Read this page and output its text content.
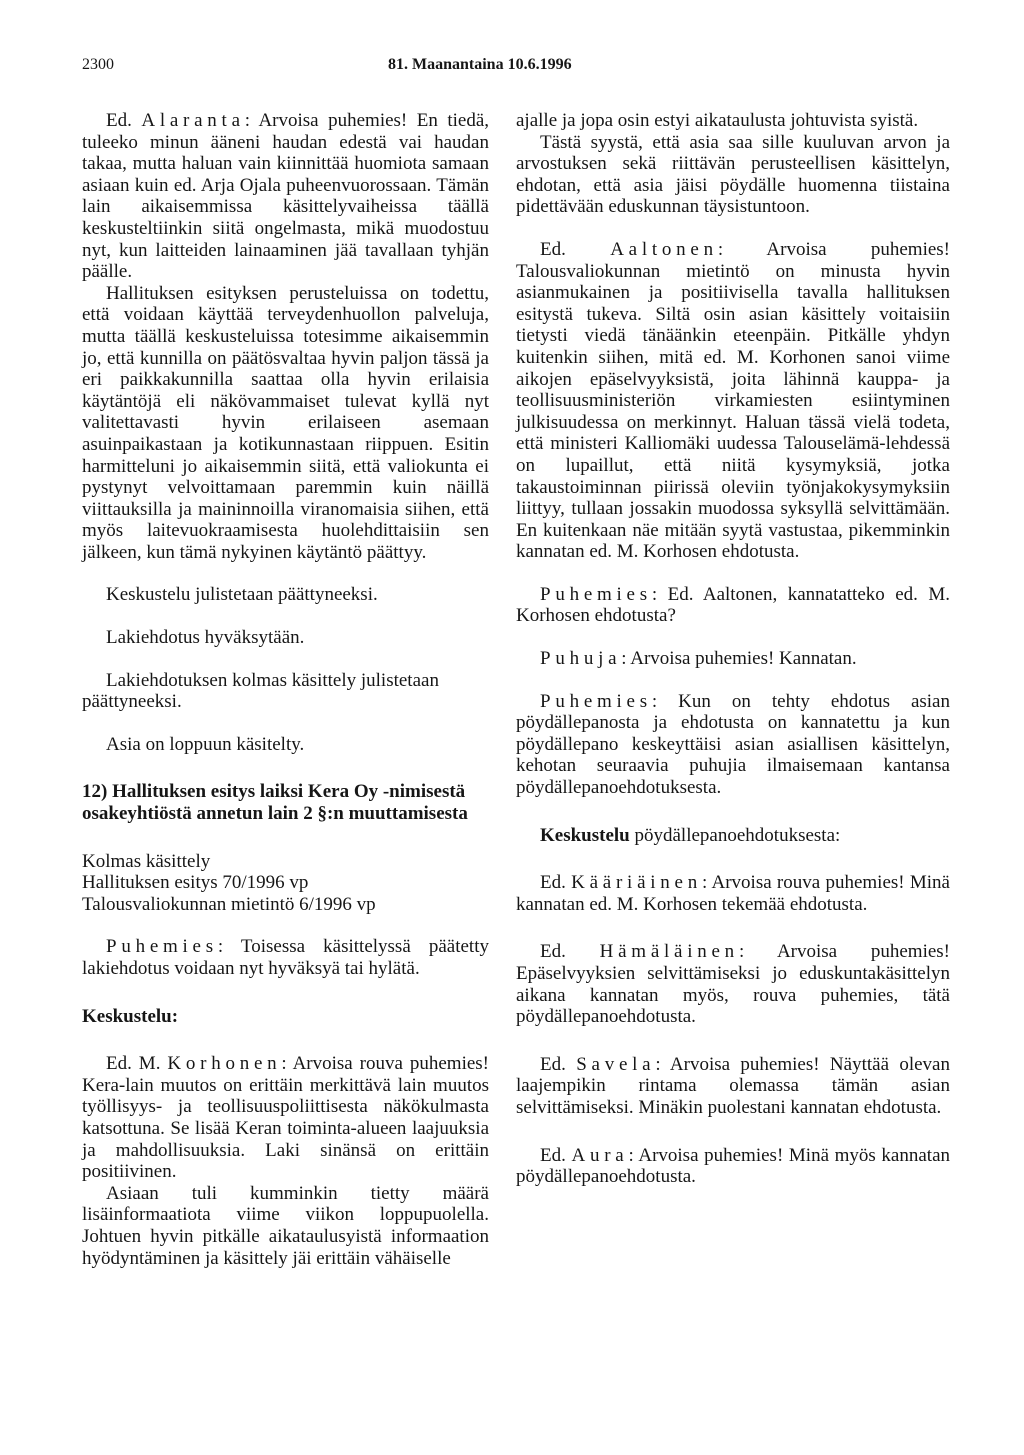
2300	81. Maanantaina 10.6.1996

Ed. Alaranta: Arvoisa puhemies! En tiedä, tuleeko minun ääneni haudan edestä vai haudan takaa, mutta haluan vain kiinnittää huomiota samaan asiaan kuin ed. Arja Ojala puheenvuorossaan. Tämän lain aikaisemmissa käsittelyvaiheissa täällä keskusteltiinkin siitä ongelmasta, mikä muodostuu nyt, kun laitteiden lainaaminen jää tavallaan tyhjän päälle.

Hallituksen esityksen perusteluissa on todettu, että voidaan käyttää terveydenhuollon palveluja, mutta täällä keskusteluissa totesimme aikaisemmin jo, että kunnilla on päätösvaltaa hyvin paljon tässä ja eri paikkakunnilla saattaa olla hyvin erilaisia käytäntöjä eli näkövammaiset tulevat kyllä nyt valitettavasti hyvin erilaiseen asemaan asuinpaikastaan ja kotikunnastaan riippuen. Esitin harmitteluni jo aikaisemmin siitä, että valiokunta ei pystynyt velvoittamaan paremmin kuin näillä viittauksilla ja maininnoilla viranomaisia siihen, että myös laitevuokraamisesta huolehdittaisiin sen jälkeen, kun tämä nykyinen käytäntö päättyy.

Keskustelu julistetaan päättyneeksi.

Lakiehdotus hyväksytään.

Lakiehdotuksen kolmas käsittely julistetaan päättyneeksi.

Asia on loppuun käsitelty.

12) Hallituksen esitys laiksi Kera Oy -nimisestä osakeyhtiöstä annetun lain 2 §:n muuttamisesta

Kolmas käsittely

Hallituksen esitys 70/1996 vp

Talousvaliokunnan mietintö 6/1996 vp

Puhemies: Toisessa käsittelyssä päätetty lakiehdotus voidaan nyt hyväksyä tai hylätä.

Keskustelu:

Ed. M. Korhonen: Arvoisa rouva puhemies! Kera-lain muutos on erittäin merkittävä lain muutos työllisyys- ja teollisuuspoliittisesta näkökulmasta katsottuna. Se lisää Keran toiminta-alueen laajuuksia ja mahdollisuuksia. Laki sinänsä on erittäin positiivinen.

Asiaan tuli kumminkin tietty määrä lisäinformaatiota viime viikon loppupuolella. Johtuen hyvin pitkälle aikataulusyistä informaation hyödyntäminen ja käsittely jäi erittäin vähäiselle

ajalle ja jopa osin estyi aikataulusta johtuvista syistä.

Tästä syystä, että asia saa sille kuuluvan arvon ja arvostuksen sekä riittävän perusteellisen käsittelyn, ehdotan, että asia jäisi pöydälle huomenna tiistaina pidettävään eduskunnan täysistuntoon.

Ed. Aaltonen: Arvoisa puhemies! Talousvaliokunnan mietintö on minusta hyvin asianmukainen ja positiivisella tavalla hallituksen esitystä tukeva. Siltä osin asian käsittely voitaisiin tietysti viedä tänäänkin eteenpäin. Pitkälle yhdyn kuitenkin siihen, mitä ed. M. Korhonen sanoi viime aikojen epäselvyyksistä, joita lähinnä kauppa- ja teollisuusministeriön virkamiesten esiintyminen julkisuudessa on merkinnyt. Haluan tässä vielä todeta, että ministeri Kalliomäki uudessa Talouselämä-lehdessä on lupaillut, että niitä kysymyksiä, jotka takaustoiminnan piirissä oleviin työnjakokysymyksiin liittyy, tullaan jossakin muodossa syksyllä selvittämään. En kuitenkaan näe mitään syytä vastustaa, pikemminkin kannatan ed. M. Korhosen ehdotusta.

Puhemies: Ed. Aaltonen, kannatatteko ed. M. Korhosen ehdotusta?

Puhuja: Arvoisa puhemies! Kannatan.

Puhemies: Kun on tehty ehdotus asian pöydällepanosta ja ehdotusta on kannatettu ja kun pöydällepano keskeyttäisi asian asiallisen käsittelyn, kehotan seuraavia puhujia ilmaisemaan kantansa pöydällepanoehdotuksesta.

Keskustelu pöydällepanoehdotuksesta:

Ed. Kääriäinen: Arvoisa rouva puhemies! Minä kannatan ed. M. Korhosen tekemää ehdotusta.

Ed. Hämäläinen: Arvoisa puhemies! Epäselvyyksien selvittämiseksi jo eduskuntakäsittelyn aikana kannatan myös, rouva puhemies, tätä pöydällepanoehdotusta.

Ed. Savela: Arvoisa puhemies! Näyttää olevan laajempikin rintama olemassa tämän asian selvittämiseksi. Minäkin puolestani kannatan ehdotusta.

Ed. Aura: Arvoisa puhemies! Minä myös kannatan pöydällepanoehdotusta.
